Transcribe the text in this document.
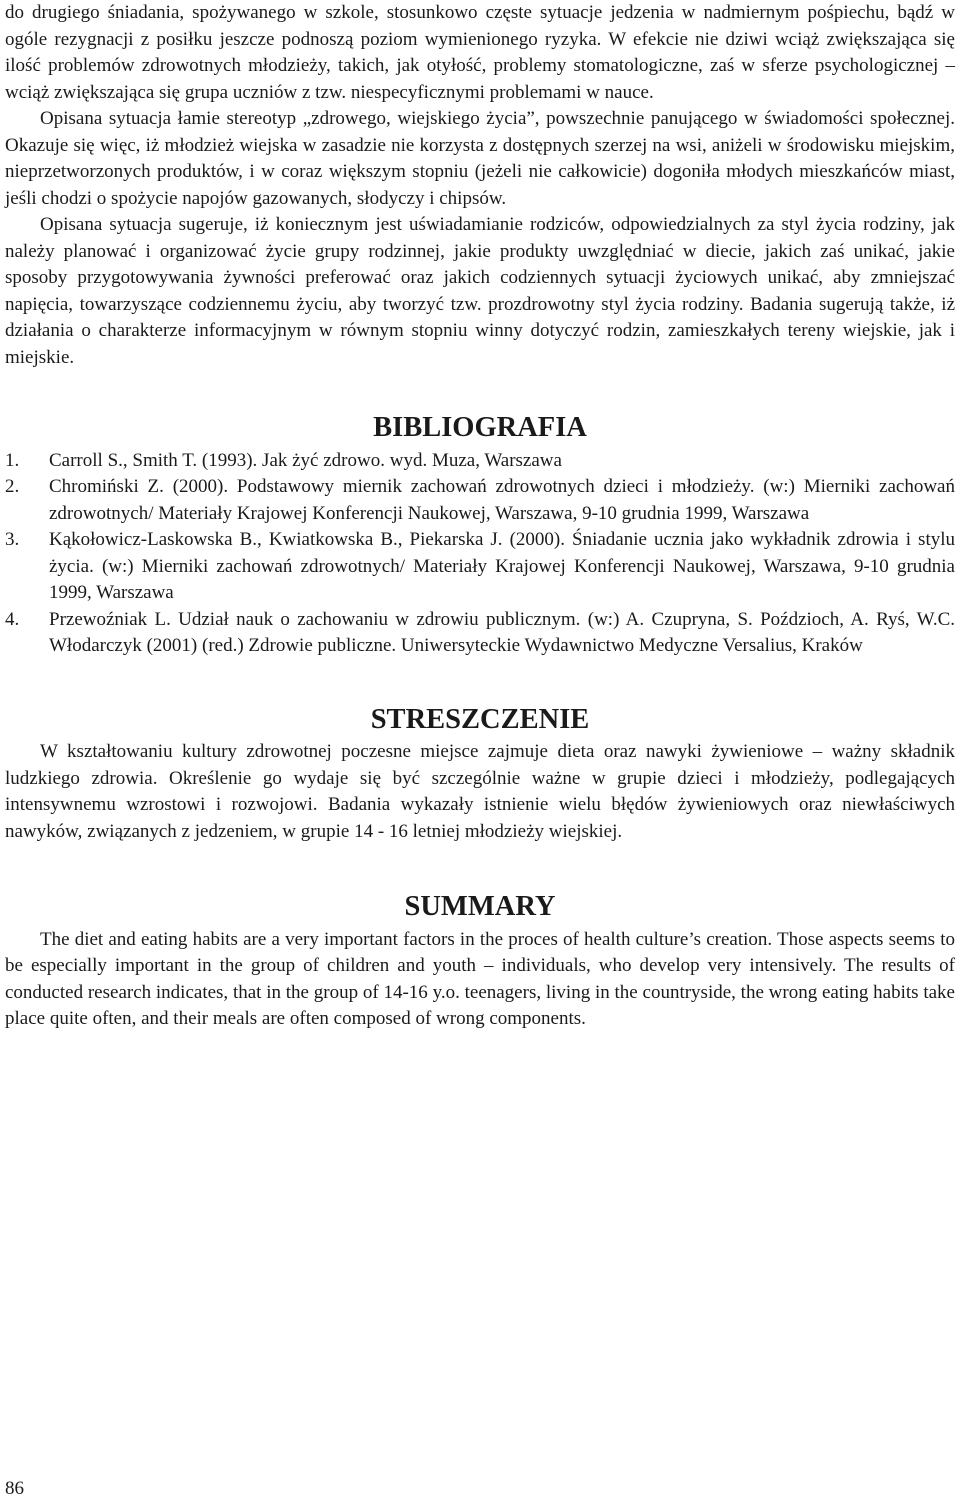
do drugiego śniadania, spożywanego w szkole, stosunkowo częste sytuacje jedzenia w nadmiernym pośpiechu, bądź w ogóle rezygnacji z posiłku jeszcze podnoszą poziom wymienionego ryzyka. W efekcie nie dziwi wciąż zwiększająca się ilość problemów zdrowotnych młodzieży, takich, jak otyłość, problemy stomatologiczne, zaś w sferze psychologicznej – wciąż zwiększająca się grupa uczniów z tzw. niespecyficznymi problemami w nauce.

Opisana sytuacja łamie stereotyp „zdrowego, wiejskiego życia”, powszechnie panującego w świadomości społecznej. Okazuje się więc, iż młodzież wiejska w zasadzie nie korzysta z dostępnych szerzej na wsi, aniżeli w środowisku miejskim, nieprzetworzonych produktów, i w coraz większym stopniu (jeżeli nie całkowicie) dogoniła młodych mieszkańców miast, jeśli chodzi o spożycie napojów gazowanych, słodyczy i chipsów.

Opisana sytuacja sugeruje, iż koniecznym jest uświadamianie rodziców, odpowiedzialnych za styl życia rodziny, jak należy planować i organizować życie grupy rodzinnej, jakie produkty uwzględniać w diecie, jakich zaś unikać, jakie sposoby przygotowywania żywności preferować oraz jakich codziennych sytuacji życiowych unikać, aby zmniejszać napięcia, towarzyszące codziennemu życiu, aby tworzyć tzw. prozdrowotny styl życia rodziny. Badania sugerują także, iż działania o charakterze informacyjnym w równym stopniu winny dotyczyć rodzin, zamieszkałych tereny wiejskie, jak i miejskie.

BIBLIOGRAFIA
1.	Carroll S., Smith T. (1993). Jak żyć zdrowo. wyd. Muza, Warszawa
2.	Chromiński Z. (2000). Podstawowy miernik zachowań zdrowotnych dzieci i młodzieży. (w:) Mierniki zachowań zdrowotnych/ Materiały Krajowej Konferencji Naukowej, Warszawa, 9-10 grudnia 1999, Warszawa
3.	Kąkołowicz-Laskowska B., Kwiatkowska B., Piekarska J. (2000). Śniadanie ucznia jako wykładnik zdrowia i stylu życia. (w:) Mierniki zachowań zdrowotnych/ Materiały Krajowej Konferencji Naukowej, Warszawa, 9-10 grudnia 1999, Warszawa
4.	Przewoźniak L. Udział nauk o zachowaniu w zdrowiu publicznym. (w:) A. Czupryna, S. Poździoch, A. Ryś, W.C. Włodarczyk (2001) (red.) Zdrowie publiczne. Uniwersyteckie Wydawnictwo Medyczne Versalius, Kraków
STRESZCZENIE

W kształtowaniu kultury zdrowotnej poczesne miejsce zajmuje dieta oraz nawyki żywieniowe – ważny składnik ludzkiego zdrowia. Określenie go wydaje się być szczególnie ważne w grupie dzieci i młodzieży, podlegających intensywnemu wzrostowi i rozwojowi. Badania wykazały istnienie wielu błędów żywieniowych oraz niewłaściwych nawyków, związanych z jedzeniem, w grupie 14 - 16 letniej młodzieży wiejskiej.

SUMMARY

The diet and eating habits are a very important factors in the proces of health culture’s creation. Those aspects seems to be especially important in the group of children and youth – individuals, who develop very intensively. The results of conducted research indicates, that in the group of 14-16 y.o. teenagers, living in the countryside, the wrong eating habits take place quite often, and their meals are often composed of wrong components.

86
